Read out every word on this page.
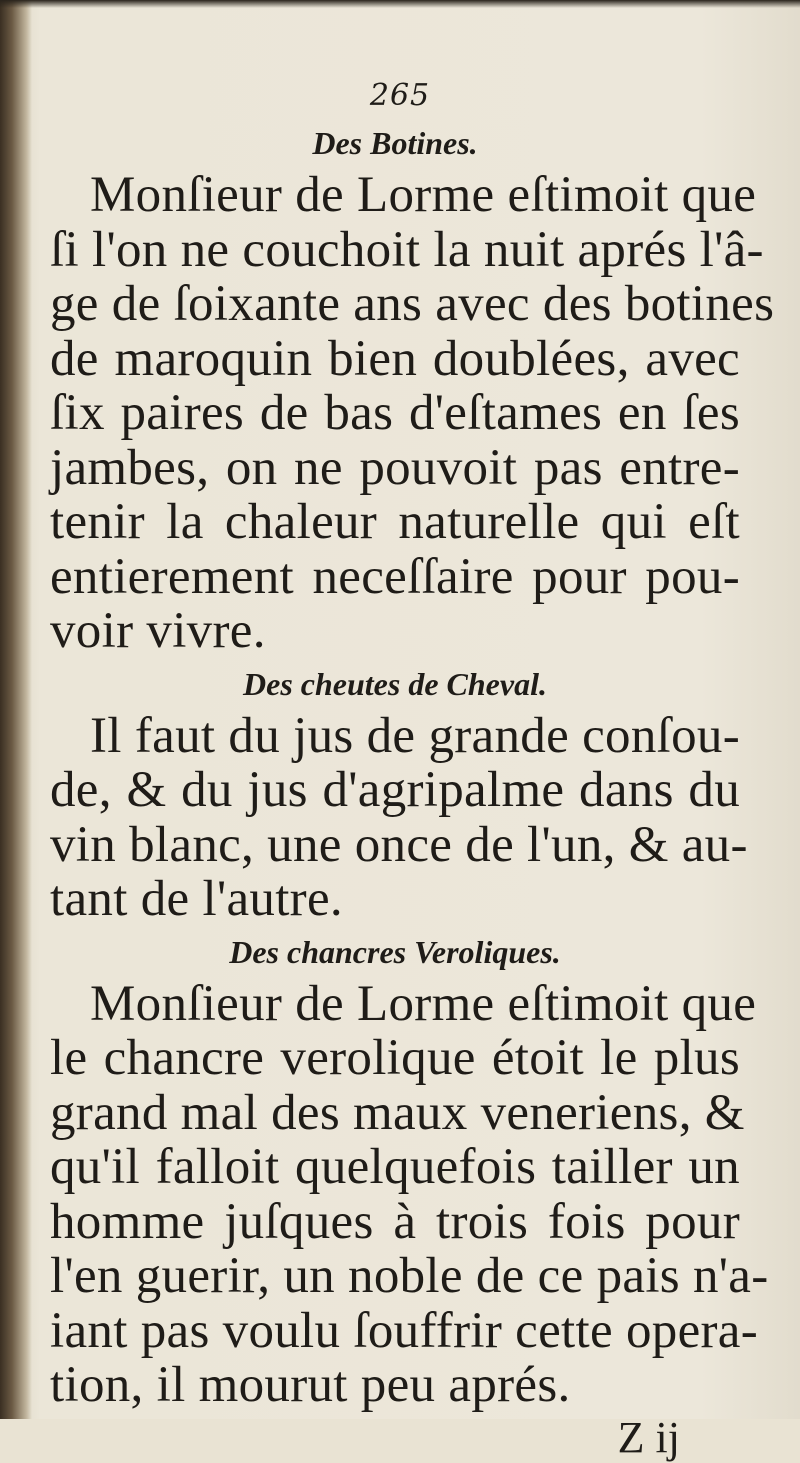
265
Des Botines.
Monſieur de Lorme eſtimoit que
ſi l'on ne couchoit la nuit aprés l'â-
ge de ſoixante ans avec des botines
de maroquin bien doublées, avec
ſix paires de bas d'eſtames en ſes
jambes, on ne pouvoit pas entre-
tenir la chaleur naturelle qui eſt
entierement neceſſaire pour pou-
voir vivre.
Des cheutes de Cheval.
Il faut du jus de grande conſou-
de, & du jus d'agripalme dans du
vin blanc, une once de l'un, & au-
tant de l'autre.
Des chancres Veroliques.
Monſieur de Lorme eſtimoit que
le chancre verolique étoit le plus
grand mal des maux veneriens, &
qu'il falloit quelquefois tailler un
homme juſques à trois fois pour
l'en guerir, un noble de ce pais n'a-
iant pas voulu ſouffrir cette opera-
tion, il mourut peu aprés.
Z ij
